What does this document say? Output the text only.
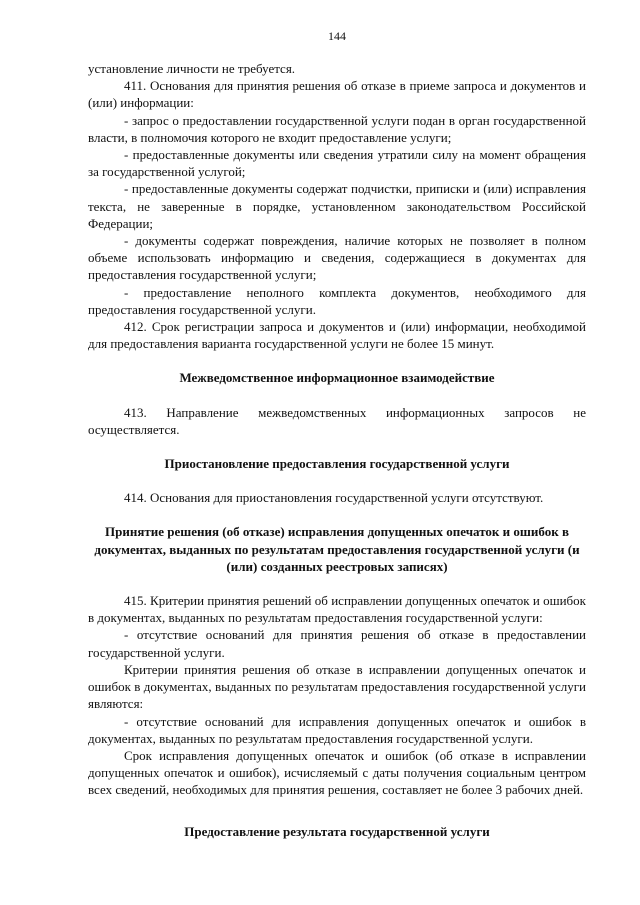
144

установление личности не требуется.

411. Основания для принятия решения об отказе в приеме запроса и документов и (или) информации:

- запрос о предоставлении государственной услуги подан в орган государственной власти, в полномочия которого не входит предоставление услуги;

- предоставленные документы или сведения утратили силу на момент обращения за государственной услугой;

- предоставленные документы содержат подчистки, приписки и (или) исправления текста, не заверенные в порядке, установленном законодательством Российской Федерации;

- документы содержат повреждения, наличие которых не позволяет в полном объеме использовать информацию и сведения, содержащиеся в документах для предоставления государственной услуги;

- предоставление неполного комплекта документов, необходимого для предоставления государственной услуги.

412. Срок регистрации запроса и документов и (или) информации, необходимой для предоставления варианта государственной услуги не более 15 минут.

Межведомственное информационное взаимодействие

413. Направление межведомственных информационных запросов не осуществляется.

Приостановление предоставления государственной услуги

414. Основания для приостановления государственной услуги отсутствуют.

Принятие решения (об отказе) исправления допущенных опечаток и ошибок в документах, выданных по результатам предоставления государственной услуги (и (или) созданных реестровых записях)

415. Критерии принятия решений об исправлении допущенных опечаток и ошибок в документах, выданных по результатам предоставления государственной услуги:

- отсутствие оснований для принятия решения об отказе в предоставлении государственной услуги.

Критерии принятия решения об отказе в исправлении допущенных опечаток и ошибок в документах, выданных по результатам предоставления государственной услуги являются:

- отсутствие оснований для исправления допущенных опечаток и ошибок в документах, выданных по результатам предоставления государственной услуги.

Срок исправления допущенных опечаток и ошибок (об отказе в исправлении допущенных опечаток и ошибок), исчисляемый с даты получения социальным центром всех сведений, необходимых для принятия решения, составляет не более 3 рабочих дней.

Предоставление результата государственной услуги
